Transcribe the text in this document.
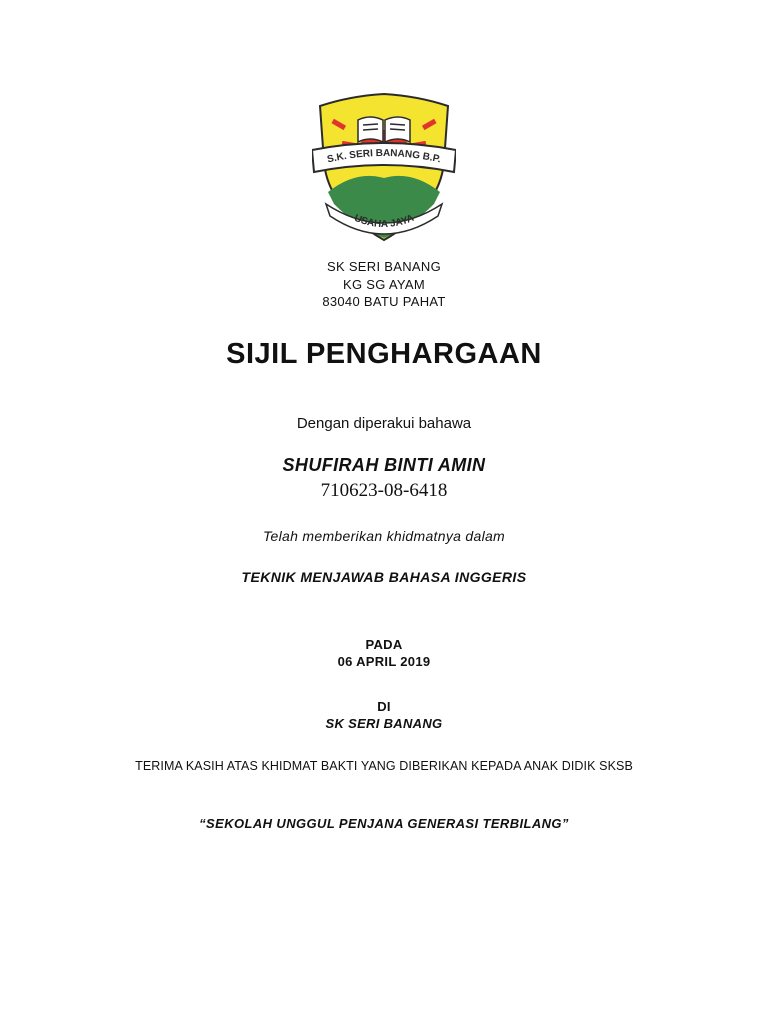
S.K. SERI BANANG B.P.
USAHA JAYA
SK SERI BANANG
KG SG AYAM
83040 BATU PAHAT
SIJIL PENGHARGAAN
Dengan diperakui bahawa
SHUFIRAH BINTI AMIN
710623-08-6418
Telah memberikan khidmatnya dalam
TEKNIK MENJAWAB BAHASA INGGERIS
PADA
06 APRIL 2019
DI
SK SERI BANANG
TERIMA KASIH ATAS KHIDMAT BAKTI YANG DIBERIKAN KEPADA ANAK DIDIK SKSB
“SEKOLAH UNGGUL PENJANA GENERASI TERBILANG”
